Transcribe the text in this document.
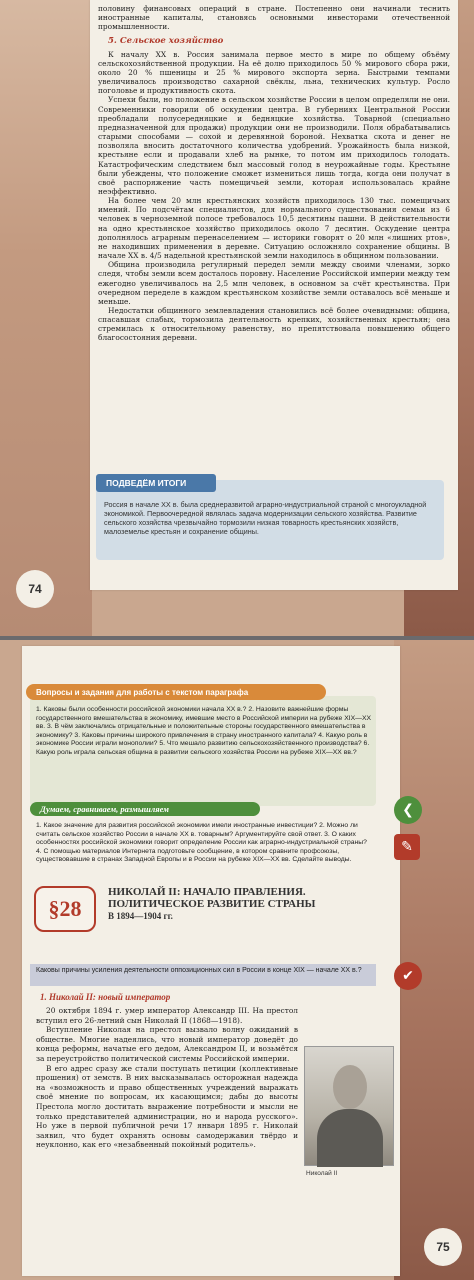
половину финансовых операций в стране. Постепенно они начинали теснить иностранные капиталы, становясь основными инвесторами отечественной промышленности.

5. Сельское хозяйство

К началу XX в. Россия занимала первое место в мире по общему объёму сельскохозяйственной продукции. На её долю приходилось 50 % мирового сбора ржи, около 20 % пшеницы и 25 % мирового экспорта зерна. Быстрыми темпами увеличивалось производство сахарной свёклы, льна, технических культур. Росло поголовье и продуктивность скота.

Успехи были, но положение в сельском хозяйстве России в целом определяли не они. Современники говорили об оскудении центра. В губерниях Центральной России преобладали полусередняцкие и бедняцкие хозяйства. Товарной (специально предназначенной для продажи) продукции они не производили. Поля обрабатывались старыми способами — сохой и деревянной бороной. Нехватка скота и денег не позволяла вносить достаточного количества удобрений. Урожайность была низкой, крестьяне если и продавали хлеб на рынке, то потом им приходилось голодать. Катастрофическим следствием был массовый голод в неурожайные годы. Крестьяне были убеждены, что положение сможет измениться лишь тогда, когда они получат в своё распоряжение часть помещичьей земли, которая использовалась крайне неэффективно.

На более чем 20 млн крестьянских хозяйств приходилось 130 тыс. помещичьих имений. По подсчётам специалистов, для нормального существования семьи из 6 человек в черноземной полосе требовалось 10,5 десятины пашни. В действительности на одно крестьянское хозяйство приходилось около 7 десятин. Оскудение центра дополнялось аграрным перенаселением — историки говорят о 20 млн «лишних ртов», не находивших применения в деревне. Ситуацию осложняло сохранение общины. В начале XX в. 4/5 надельной крестьянской земли находилось в общинном пользовании.

Община производила регулярный передел земли между своими членами, зорко следя, чтобы земли всем досталось поровну. Население Российской империи между тем ежегодно увеличивалось на 2,5 млн человек, в основном за счёт крестьянства. При очередном переделе в каждом крестьянском хозяйстве земли оставалось всё меньше и меньше.

Недостатки общинного землевладения становились всё более очевидными: община, спасавшая слабых, тормозила деятельность крепких, хозяйственных крестьян; она стремилась к относительному равенству, но препятствовала повышению общего благосостояния деревни.

ПОДВЕДЁМ ИТОГИ
Россия в начале XX в. была среднеразвитой аграрно-индустриальной страной с многоукладной экономикой. Первоочередной являлась задача модернизации сельского хозяйства. Развитие сельского хозяйства чрезвычайно тормозили низкая товарность крестьянских хозяйств, малоземелье крестьян и сохранение общины.
74
Вопросы и задания для работы с текстом параграфа
1. Каковы были особенности российской экономики начала XX в.? 2. Назовите важнейшие формы государственного вмешательства в экономику, имевшие место в Российской империи на рубеже XIX—XX вв. 3. В чём заключались отрицательные и положительные стороны государственного вмешательства в экономику? 3. Каковы причины широкого привлечения в страну иностранного капитала? 4. Какую роль в экономике России играли монополии? 5. Что мешало развитию сельскохозяйственного производства? 6. Какую роль играла сельская община в развитии сельского хозяйства России на рубеже XIX—XX вв.?
Думаем, сравниваем, размышляем
1. Какое значение для развития российской экономики имели иностранные инвестиции? 2. Можно ли считать сельское хозяйство России в начале XX в. товарным? Аргументируйте свой ответ. 3. О каких особенностях российской экономики говорит определение России как аграрно-индустриальной страны? 4. С помощью материалов Интернета подготовьте сообщение, в котором сравните профсоюзы, существовавшие в странах Западной Европы и в России на рубеже XIX—XX вв. Сделайте выводы.
❮
✎
✔
§28
НИКОЛАЙ II: НАЧАЛО ПРАВЛЕНИЯ.
ПОЛИТИЧЕСКОЕ РАЗВИТИЕ СТРАНЫ
В 1894—1904 гг.
Каковы причины усиления деятельности оппозиционных сил в России в конце XIX — начале XX в.?
1. Николай II: новый император

20 октября 1894 г. умер император Александр III. На престол вступил его 26-летний сын Николай II (1868—1918).

Вступление Николая на престол вызвало волну ожиданий в обществе. Многие надеялись, что новый император доведёт до конца реформы, начатые его дедом, Александром II, и возьмётся за переустройство политической системы Российской империи.

В его адрес сразу же стали поступать петиции (коллективные прошения) от земств. В них высказывалась осторожная надежда на «возможность и право общественных учреждений выражать своё мнение по вопросам, их касающимся; дабы до высоты Престола могло доститать выражение потребности и мысли не только представителей администрации, но и народа русского». Но уже в первой публичной речи 17 января 1895 г. Николай заявил, что будет охранять основы самодержавия твёрдо и неуклонно, как его «незабвенный покойный родитель».

Николай II
75
